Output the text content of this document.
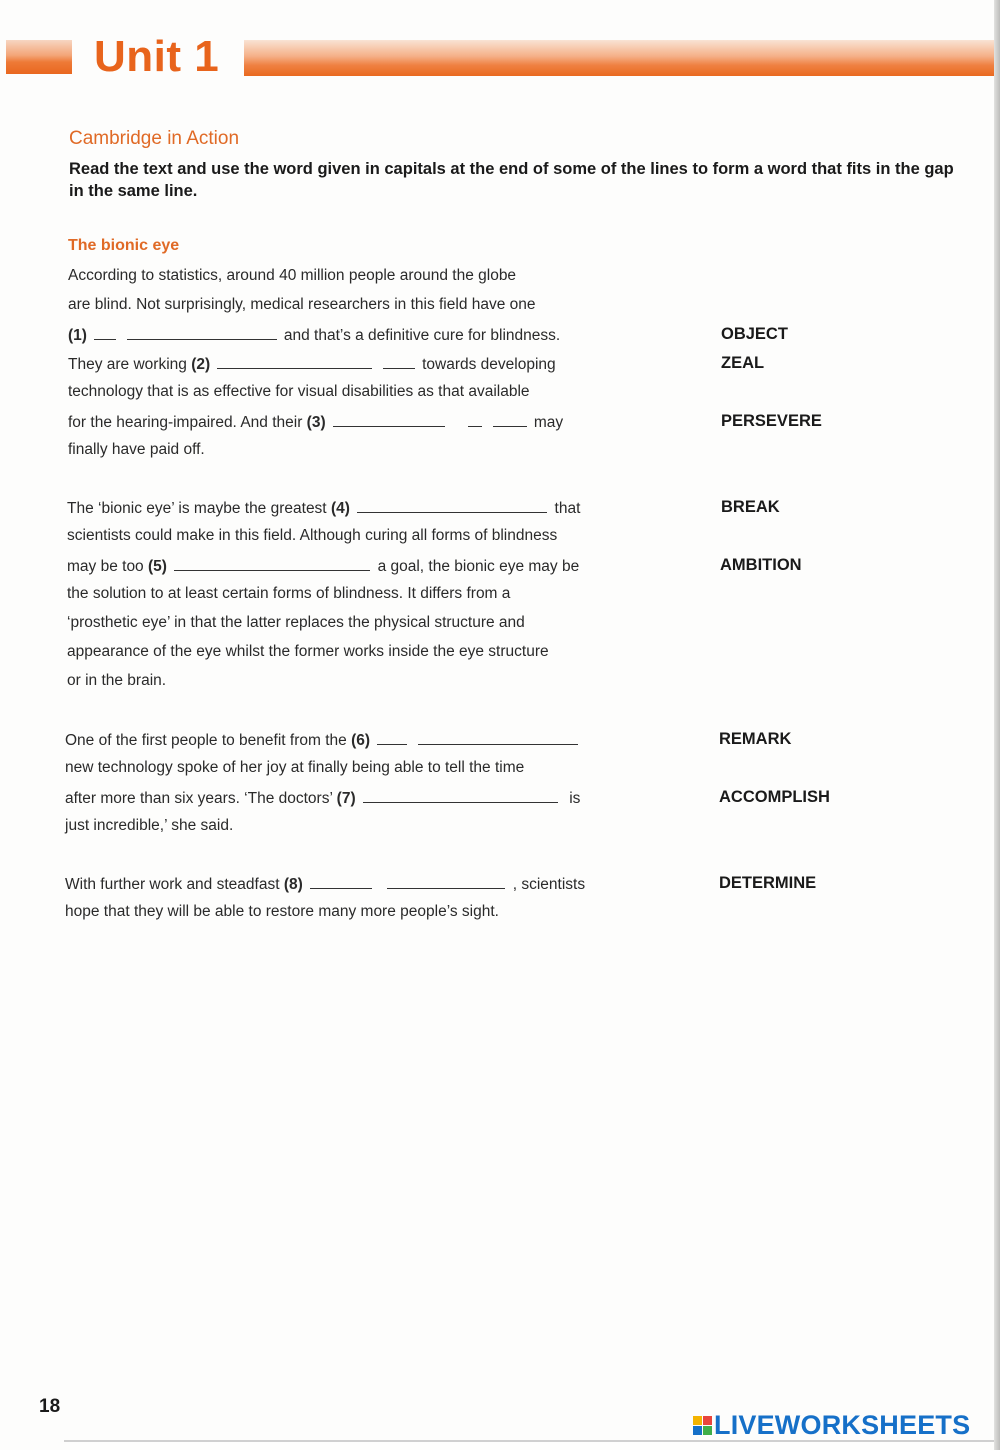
Unit 1
Cambridge in Action
Read the text and use the word given in capitals at the end of some of the lines to form a word that fits in the gap in the same line.
The bionic eye
According to statistics, around 40 million people around the globe
are blind. Not surprisingly, medical researchers in this field have one
(1)	and that’s a definitive cure for blindness.
They are working (2)	towards developing
technology that is as effective for visual disabilities as that available
for the hearing-impaired. And their (3)	may
finally have paid off.
The ‘bionic eye’ is maybe the greatest (4)	that
scientists could make in this field. Although curing all forms of blindness
may be too (5)	a goal, the bionic eye may be
the solution to at least certain forms of blindness. It differs from a
‘prosthetic eye’ in that the latter replaces the physical structure and
appearance of the eye whilst the former works inside the eye structure
or in the brain.
One of the first people to benefit from the (6)
new technology spoke of her joy at finally being able to tell the time
after more than six years. ‘The doctors’ (7)	is
just incredible,’ she said.
With further work and steadfast (8)	, scientists
hope that they will be able to restore many more people’s sight.
OBJECT
ZEAL
PERSEVERE
BREAK
AMBITION
REMARK
ACCOMPLISH
DETERMINE
18
LIVEWORKSHEETS
